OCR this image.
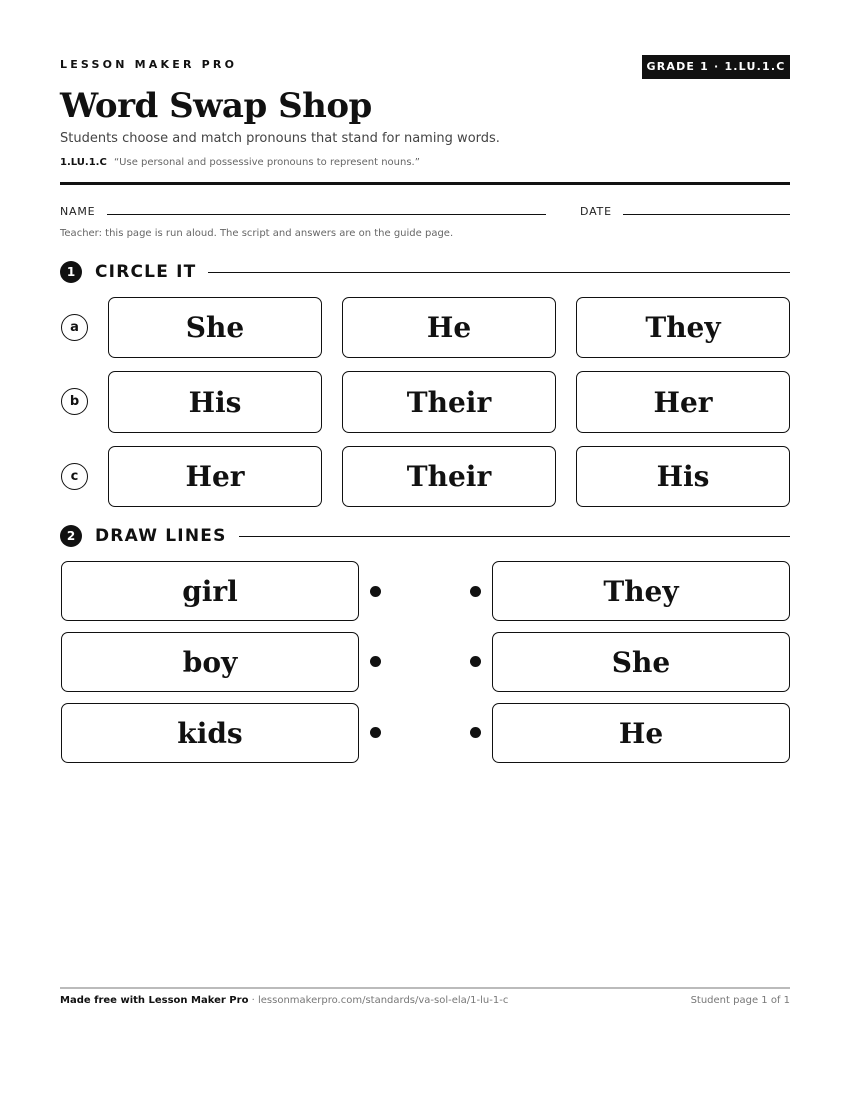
LESSON MAKER PRO	GRADE 1 · 1.LU.1.C
Word Swap Shop
Students choose and match pronouns that stand for naming words.
1.LU.1.C “Use personal and possessive pronouns to represent nouns.”
NAME	DATE
Teacher: this page is run aloud. The script and answers are on the guide page.
1	CIRCLE IT
a	She	He	They
b	His	Their	Her
c	Her	Their	His
2	DRAW LINES
girl	They
boy	She
kids	He
Made free with Lesson Maker Pro · lessonmakerpro.com/standards/va-sol-ela/1-lu-1-c	Student page 1 of 1
